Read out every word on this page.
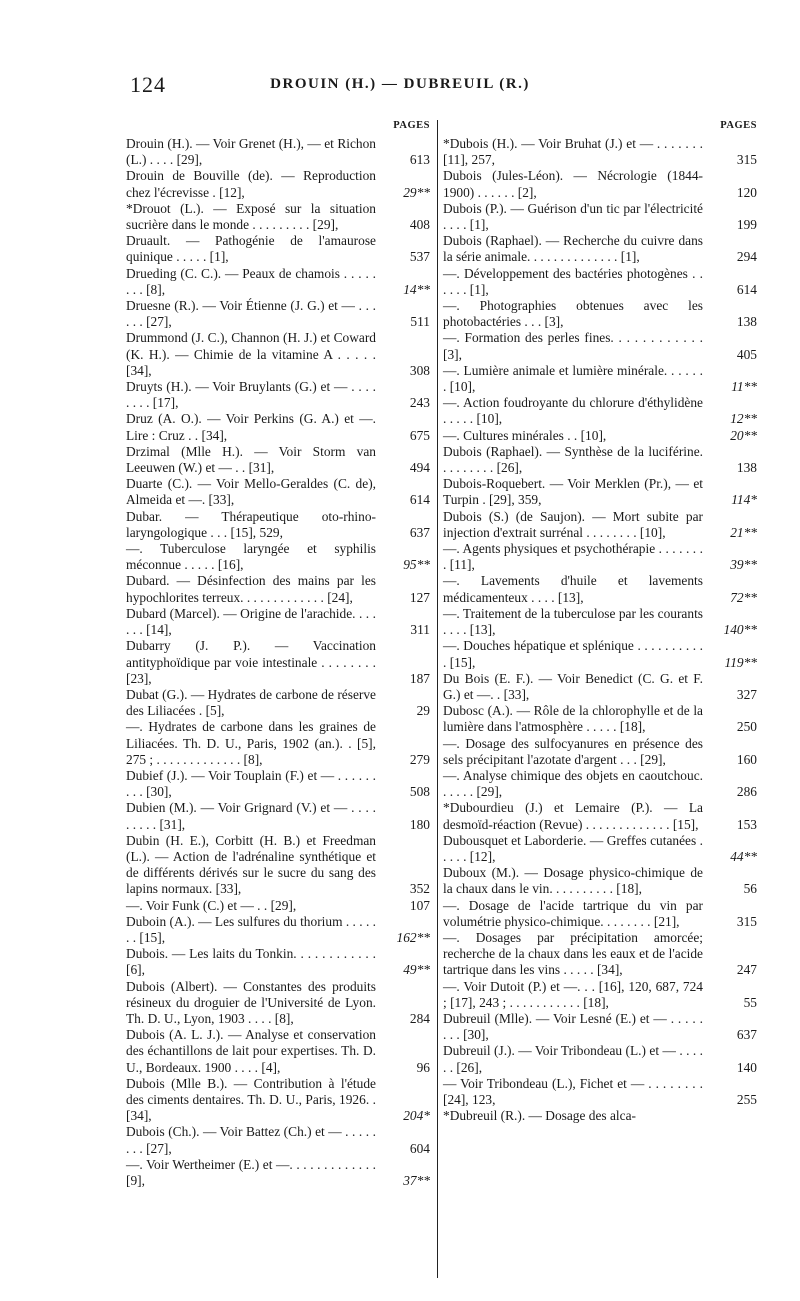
124	DROUIN (H.) — DUBREUIL (R.)
PAGES
Drouin (H.). — Voir Grenet (H.), — et Richon (L.) . . . . [29],	613
Drouin de Bouville (de). — Reproduction chez l'écrevisse . [12],	29**
*Drouot (L.). — Exposé sur la situation sucrière dans le monde . . . . . . . . . [29],	408
Druault. — Pathogénie de l'amaurose quinique . . . . . [1],	537
Drueding (C. C.). — Peaux de chamois . . . . . . . . [8],	14**
Druesne (R.). — Voir Étienne (J. G.) et — . . . . . . [27],	511
Drummond (J. C.), Channon (H. J.) et Coward (K. H.). — Chimie de la vitamine A . . . . . [34],	308
Druyts (H.). — Voir Bruylants (G.) et — . . . . . . . . [17],	243
Druz (A. O.). — Voir Perkins (G. A.) et —. Lire : Cruz . . [34],	675
Drzimal (Mlle H.). — Voir Storm van Leeuwen (W.) et — . . [31],	494
Duarte (C.). — Voir Mello-Geraldes (C. de), Almeida et —. [33],	614
Dubar. — Thérapeutique oto-rhino-laryngologique . . . [15], 529,	637
—. Tuberculose laryngée et syphilis méconnue . . . . . [16],	95**
Dubard. — Désinfection des mains par les hypochlorites terreux. . . . . . . . . . . . . [24],	127
Dubard (Marcel). — Origine de l'arachide. . . . . . . [14],	311
Dubarry (J. P.). — Vaccination antityphoïdique par voie intestinale . . . . . . . . [23],	187
Dubat (G.). — Hydrates de carbone de réserve des Liliacées . [5],	29
—. Hydrates de carbone dans les graines de Liliacées. Th. D. U., Paris, 1902 (an.). . [5], 275 ; . . . . . . . . . . . . . [8],	279
Dubief (J.). — Voir Touplain (F.) et — . . . . . . . . . [30],	508
Dubien (M.). — Voir Grignard (V.) et — . . . . . . . . . [31],	180
Dubin (H. E.), Corbitt (H. B.) et Freedman (L.). — Action de l'adrénaline synthétique et de différents dérivés sur le sucre du sang des lapins normaux. [33],	352
—. Voir Funk (C.) et — . . [29],	107
Duboin (A.). — Les sulfures du thorium . . . . . . . [15],	162**
Dubois. — Les laits du Tonkin. . . . . . . . . . . . [6],	49**
Dubois (Albert). — Constantes des produits résineux du droguier de l'Université de Lyon. Th. D. U., Lyon, 1903 . . . . [8],	284
Dubois (A. L. J.). — Analyse et conservation des échantillons de lait pour expertises. Th. D. U., Bordeaux. 1900 . . . . [4],	96
Dubois (Mlle B.). — Contribution à l'étude des ciments dentaires. Th. D. U., Paris, 1926. . [34],	204*
Dubois (Ch.). — Voir Battez (Ch.) et — . . . . . . . . [27],	604
—. Voir Wertheimer (E.) et —. . . . . . . . . . . . . [9],	37**
PAGES
*Dubois (H.). — Voir Bruhat (J.) et — . . . . . . . [11], 257,	315
Dubois (Jules-Léon). — Nécrologie (1844-1900) . . . . . . [2],	120
Dubois (P.). — Guérison d'un tic par l'électricité . . . . [1],	199
Dubois (Raphael). — Recherche du cuivre dans la série animale. . . . . . . . . . . . . . [1],	294
—. Développement des bactéries photogènes . . . . . . [1],	614
—. Photographies obtenues avec les photobactéries . . . [3],	138
—. Formation des perles fines. . . . . . . . . . . . [3],	405
—. Lumière animale et lumière minérale. . . . . . . [10],	11**
—. Action foudroyante du chlorure d'éthylidène . . . . . [10],	12**
—. Cultures minérales . . [10],	20**
Dubois (Raphael). — Synthèse de la luciférine. . . . . . . . . [26],	138
Dubois-Roquebert. — Voir Merklen (Pr.), — et Turpin . [29], 359,	114*
Dubois (S.) (de Saujon). — Mort subite par injection d'extrait surrénal . . . . . . . . [10],	21**
—. Agents physiques et psychothérapie . . . . . . . . [11],	39**
—. Lavements d'huile et lavements médicamenteux . . . . [13],	72**
—. Traitement de la tuberculose par les courants . . . . [13],	140**
—. Douches hépatique et splénique . . . . . . . . . . . [15],	119**
Du Bois (E. F.). — Voir Benedict (C. G. et F. G.) et —. . [33],	327
Dubosc (A.). — Rôle de la chlorophylle et de la lumière dans l'atmosphère . . . . . [18],	250
—. Dosage des sulfocyanures en présence des sels précipitant l'azotate d'argent . . . [29],	160
—. Analyse chimique des objets en caoutchouc. . . . . . [29],	286
*Dubourdieu (J.) et Lemaire (P.). — La desmoïd-réaction (Revue) . . . . . . . . . . . . . [15],	153
Dubousquet et Laborderie. — Greffes cutanées . . . . . [12],	44**
Duboux (M.). — Dosage physico-chimique de la chaux dans le vin. . . . . . . . . . [18],	56
—. Dosage de l'acide tartrique du vin par volumétrie physico-chimique. . . . . . . . [21],	315
—. Dosages par précipitation amorcée; recherche de la chaux dans les eaux et de l'acide tartrique dans les vins . . . . . [34],	247
—. Voir Dutoit (P.) et —. . . [16], 120, 687, 724 ; [17], 243 ; . . . . . . . . . . . [18],	55
Dubreuil (Mlle). — Voir Lesné (E.) et — . . . . . . . . [30],	637
Dubreuil (J.). — Voir Tribondeau (L.) et — . . . . . . [26],	140
— Voir Tribondeau (L.), Fichet et — . . . . . . . . [24], 123,	255
*Dubreuil (R.). — Dosage des alca-
